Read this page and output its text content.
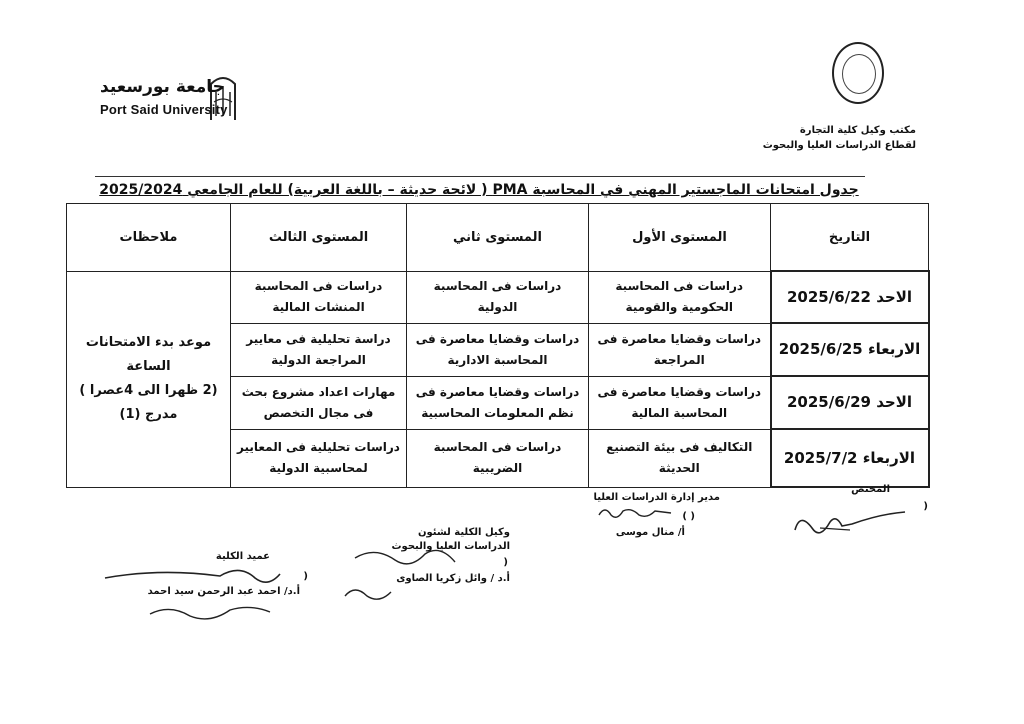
مكتب وكيل كلية التجارة
لقطاع الدراسات العليا والبحوث
جامعة بورسعيد
Port Said University
جدول امتحانات الماجستير المهني في المحاسبة PMA ( لائحة حديثة – باللغة العربية) للعام الجامعي 2025/2024
التاريخ	المستوى الأول	المستوى ثاني	المستوى الثالث	ملاحظات
الاحد 2025/6/22	دراسات فى المحاسبة الحكومية والقومية	دراسات فى المحاسبة الدولية	دراسات فى المحاسبة المنشات المالية	موعد بدء الامتحانات الساعة
(2 ظهرا الى 4عصرا )
مدرج (1)

الاربعاء 2025/6/25	دراسات وقضايا معاصرة فى المراجعة	دراسات وقضايا معاصرة فى المحاسبة الادارية	دراسة تحليلية فى معايير المراجعة الدولية	
الاحد 2025/6/29	دراسات وقضايا معاصرة فى المحاسبة المالية	دراسات وقضايا معاصرة فى نظم المعلومات المحاسبية	مهارات اعداد مشروع بحث فى مجال التخصص	
الاربعاء 2025/7/2	التكاليف فى بيئة التصنيع الحديثة	دراسات فى المحاسبة الضريبية	دراسات تحليلية فى المعايير لمحاسبية الدولية	
المختص
(
مدير إدارة الدراسات العليا
( )
أ/ منال موسى
وكيل الكلية لشئون
الدراسات العليا والبحوث
(
أ.د / وائل زكريا الصاوى
عميد الكلية
(
أ.د/ احمد عبد الرحمن سيد احمد
